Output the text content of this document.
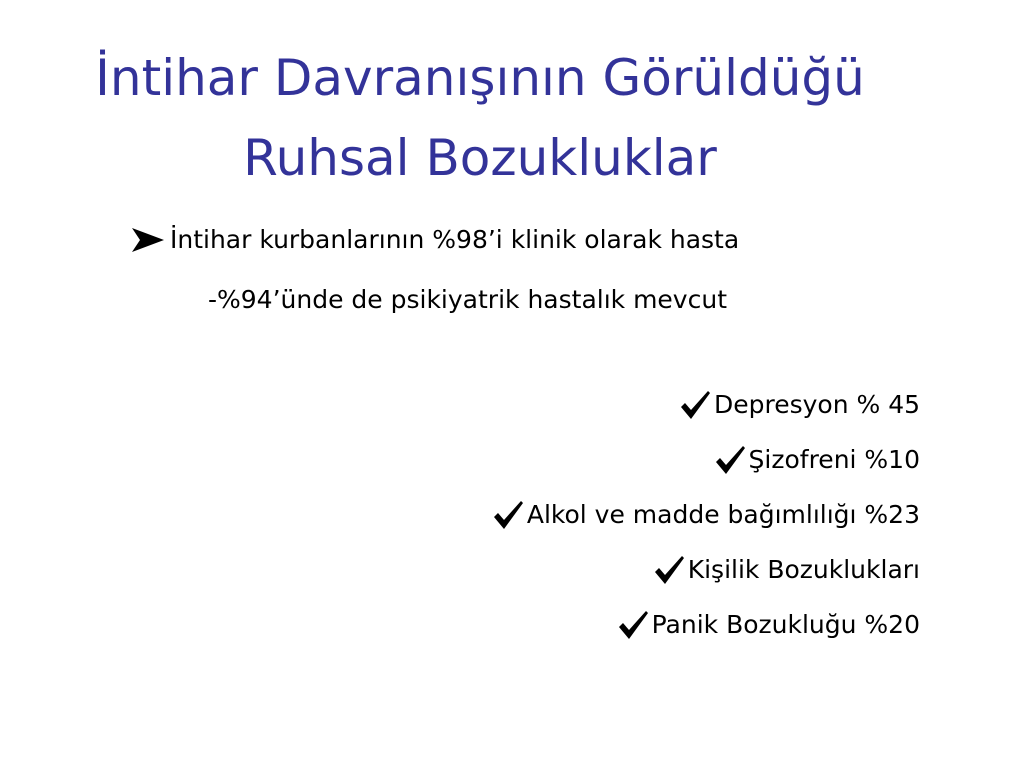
İntihar Davranışının Görüldüğü
Ruhsal Bozukluklar
İntihar kurbanlarının %98’i klinik olarak hasta
-%94’ünde de psikiyatrik hastalık mevcut
Depresyon % 45
Şizofreni %10
Alkol ve madde bağımlılığı %23
Kişilik Bozuklukları
Panik Bozukluğu %20
